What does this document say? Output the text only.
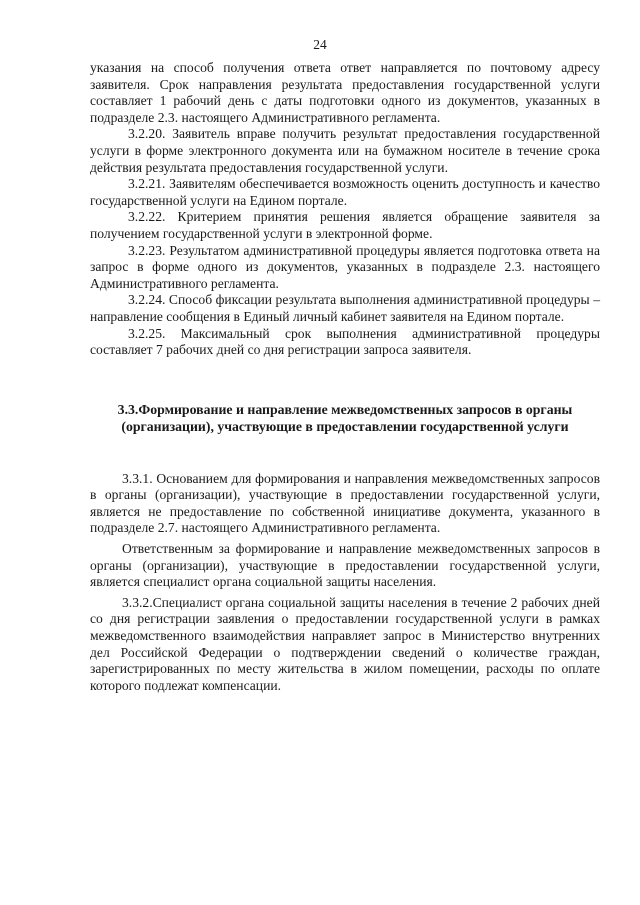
24

указания на способ получения ответа ответ направляется по почтовому адресу заявителя. Срок направления результата предоставления государственной услуги составляет 1 рабочий день с даты подготовки одного из документов, указанных в подразделе 2.3. настоящего Административного регламента.

3.2.20. Заявитель вправе получить результат предоставления государственной услуги в форме электронного документа или на бумажном носителе в течение срока действия результата предоставления государственной услуги.

3.2.21. Заявителям обеспечивается возможность оценить доступность и качество государственной услуги на Едином портале.

3.2.22. Критерием принятия решения является обращение заявителя за получением государственной услуги в электронной форме.

3.2.23. Результатом административной процедуры является подготовка ответа на запрос в форме одного из документов, указанных в подразделе 2.3. настоящего Административного регламента.

3.2.24. Способ фиксации результата выполнения административной процедуры – направление сообщения в Единый личный кабинет заявителя на Едином портале.

3.2.25. Максимальный срок выполнения административной процедуры составляет 7 рабочих дней со дня регистрации запроса заявителя.

3.3.Формирование и направление межведомственных запросов в органы (организации), участвующие в предоставлении государственной услуги

3.3.1. Основанием для формирования и направления межведомственных запросов в органы (организации), участвующие в предоставлении государственной услуги, является не предоставление по собственной инициативе документа, указанного в подразделе 2.7. настоящего Административного регламента.

Ответственным за формирование и направление межведомственных запросов в органы (организации), участвующие в предоставлении государственной услуги, является специалист органа социальной защиты населения.

3.3.2.Специалист органа социальной защиты населения в течение 2 рабочих дней со дня регистрации заявления о предоставлении государственной услуги в рамках межведомственного взаимодействия направляет запрос в Министерство внутренних дел Российской Федерации о подтверждении сведений о количестве граждан, зарегистрированных по месту жительства в жилом помещении, расходы по оплате которого подлежат компенсации.
